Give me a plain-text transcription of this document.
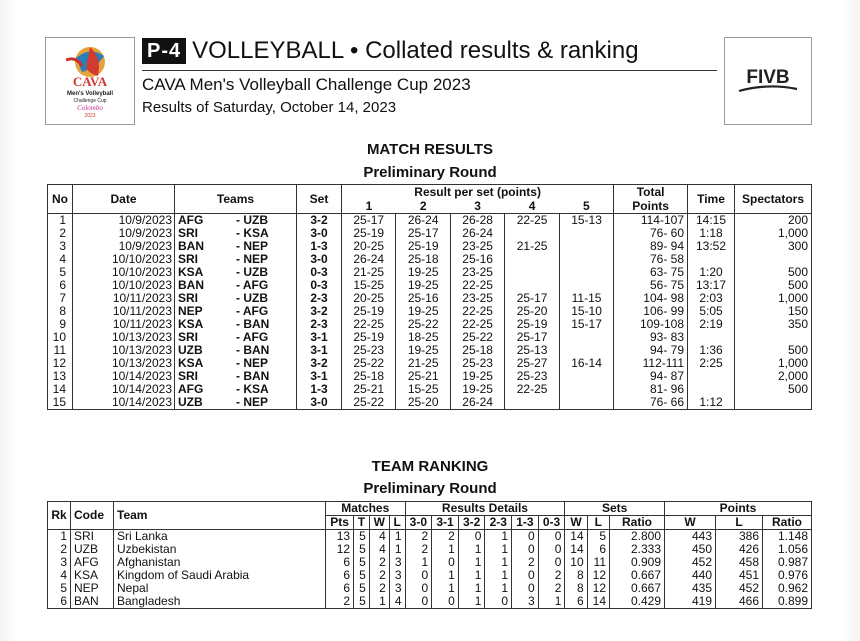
CAVA
Men's Volleyball
Challenge Cup
Colombo
2023
P-4 VOLLEYBALL • Collated results & ranking
CAVA Men's Volleyball Challenge Cup 2023
Results of Saturday, October 14, 2023
FIVB
MATCH RESULTS
Preliminary Round
No	Date	Teams	Set	Result per set (points)					Total	Time	Spectators
				1	2	3	4	5	Points		
1	10/9/2023	AFG - UZB	3-2	25-17	26-24	26-28	22-25	15-13	114-107	14:15	200
2	10/9/2023	SRI - KSA	3-0	25-19	25-17	26-24			76- 60	1:18	1,000
3	10/9/2023	BAN - NEP	1-3	20-25	25-19	23-25	21-25		89- 94	13:52	300
4	10/10/2023	SRI - NEP	3-0	26-24	25-18	25-16			76- 58		
5	10/10/2023	KSA - UZB	0-3	21-25	19-25	23-25			63- 75	1:20	500
6	10/10/2023	BAN - AFG	0-3	15-25	19-25	22-25			56- 75	13:17	500
7	10/11/2023	SRI - UZB	2-3	20-25	25-16	23-25	25-17	11-15	104- 98	2:03	1,000
8	10/11/2023	NEP - AFG	3-2	25-19	19-25	22-25	25-20	15-10	106- 99	5:05	150
9	10/11/2023	KSA - BAN	2-3	22-25	25-22	22-25	25-19	15-17	109-108	2:19	350
10	10/13/2023	SRI - AFG	3-1	25-19	18-25	25-22	25-17		93- 83		
11	10/13/2023	UZB - BAN	3-1	25-23	19-25	25-18	25-13		94- 79	1:36	500
12	10/13/2023	KSA - NEP	3-2	25-22	21-25	25-23	25-27	16-14	112-111	2:25	1,000
13	10/14/2023	SRI - BAN	3-1	25-18	25-21	19-25	25-23		94- 87		2,000
14	10/14/2023	AFG - KSA	1-3	25-21	15-25	19-25	22-25		81- 96		500
15	10/14/2023	UZB - NEP	3-0	25-22	25-20	26-24			76- 66	1:12	
TEAM RANKING
Preliminary Round
Rk	Code	Team	Matches				Results Details						Sets			Points		
			Pts	T	W	L	3-0	3-1	3-2	2-3	1-3	0-3	W	L	Ratio	W	L	Ratio
1	SRI	Sri Lanka	13	5	4	1	2	2	0	1	0	0	14	5	2.800	443	386	1.148
2	UZB	Uzbekistan	12	5	4	1	2	1	1	1	0	0	14	6	2.333	450	426	1.056
3	AFG	Afghanistan	6	5	2	3	1	0	1	1	2	0	10	11	0.909	452	458	0.987
4	KSA	Kingdom of Saudi Arabia	6	5	2	3	0	1	1	1	0	2	8	12	0.667	440	451	0.976
5	NEP	Nepal	6	5	2	3	0	1	1	1	0	2	8	12	0.667	435	452	0.962
6	BAN	Bangladesh	2	5	1	4	0	0	1	0	3	1	6	14	0.429	419	466	0.899
